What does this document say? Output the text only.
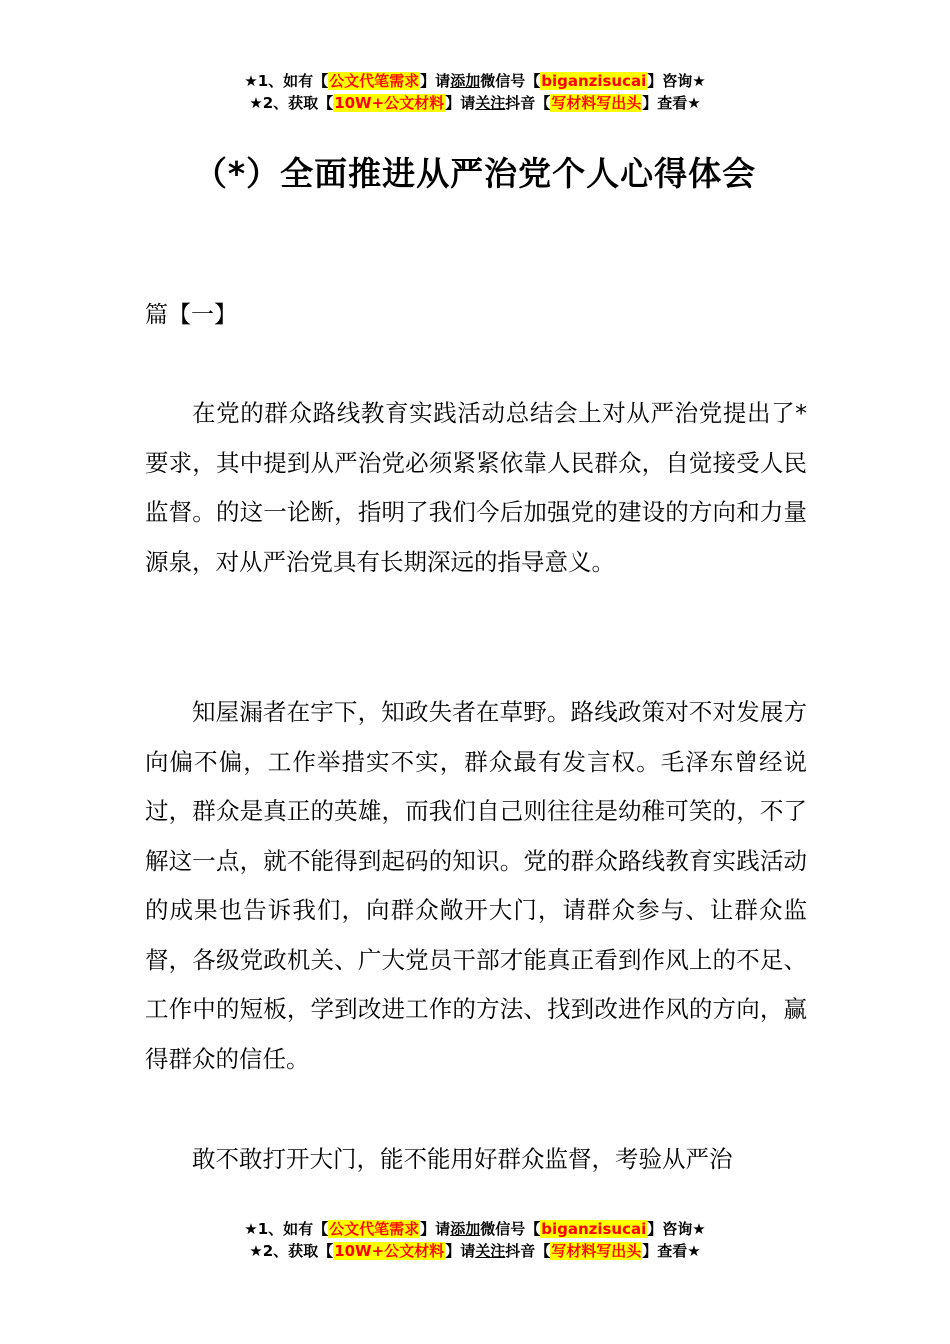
★1、如有【公文代笔需求】请添加微信号【biganzisucai】咨询★
★2、获取【10W+公文材料】请关注抖音【写材料写出头】查看★
（*）全面推进从严治党个人心得体会
篇【一】

在党的群众路线教育实践活动总结会上对从严治党提出了*要求，其中提到从严治党必须紧紧依靠人民群众，自觉接受人民监督。的这一论断，指明了我们今后加强党的建设的方向和力量源泉，对从严治党具有长期深远的指导意义。

知屋漏者在宇下，知政失者在草野。路线政策对不对发展方向偏不偏，工作举措实不实，群众最有发言权。毛泽东曾经说过，群众是真正的英雄，而我们自己则往往是幼稚可笑的，不了解这一点，就不能得到起码的知识。党的群众路线教育实践活动的成果也告诉我们，向群众敞开大门，请群众参与、让群众监督，各级党政机关、广大党员干部才能真正看到作风上的不足、工作中的短板，学到改进工作的方法、找到改进作风的方向，赢得群众的信任。

敢不敢打开大门，能不能用好群众监督，考验从严治

★1、如有【公文代笔需求】请添加微信号【biganzisucai】咨询★
★2、获取【10W+公文材料】请关注抖音【写材料写出头】查看★
